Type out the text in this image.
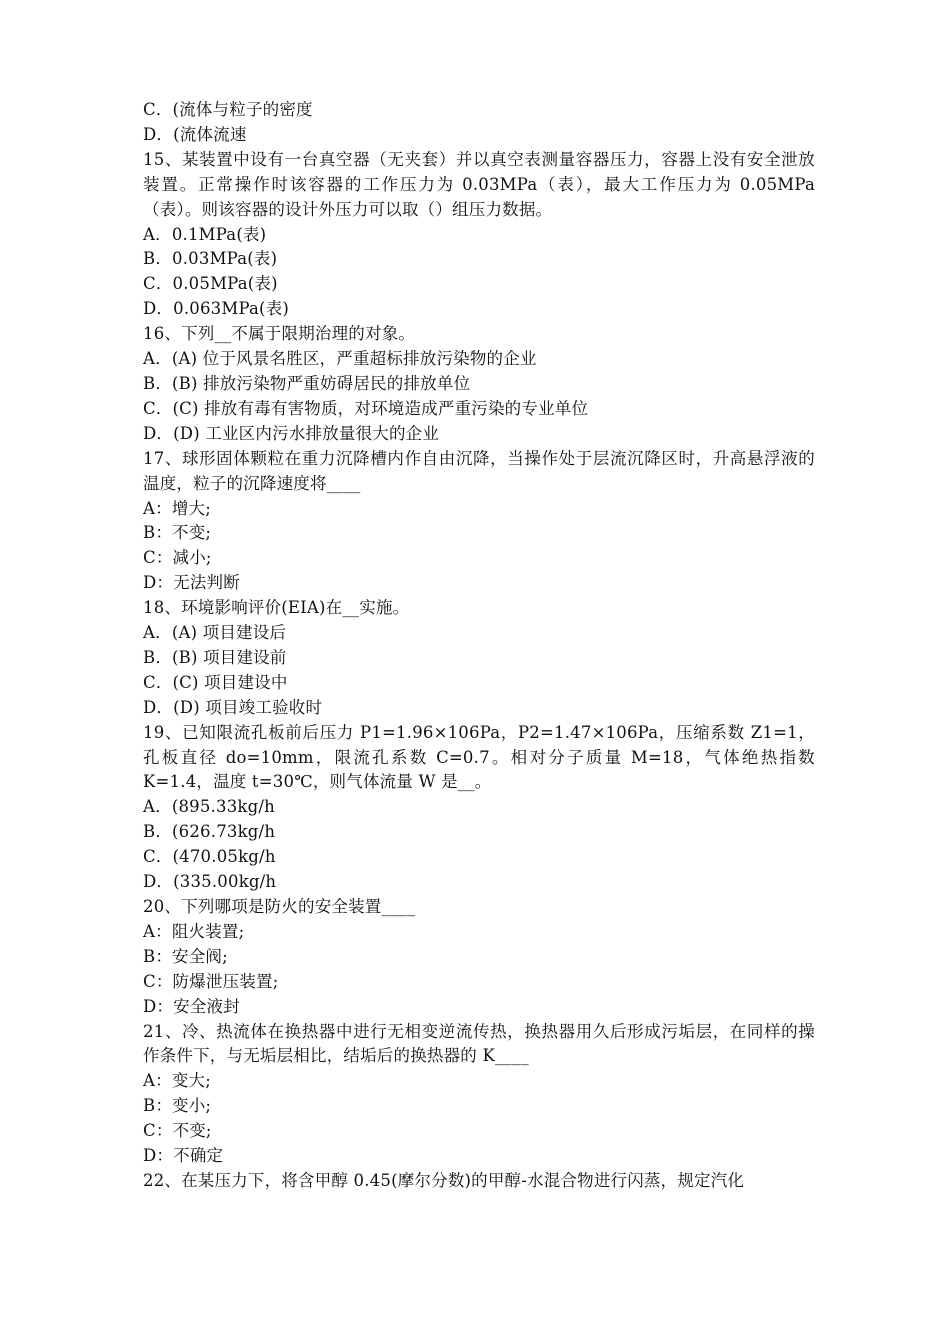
C．(流体与粒子的密度
D．(流体流速
15、某装置中设有一台真空器（无夹套）并以真空表测量容器压力，容器上没有安全泄放装置。正常操作时该容器的工作压力为 0.03MPa（表），最大工作压力为 0.05MPa（表）。则该容器的设计外压力可以取（）组压力数据。
A．0.1MPa(表)
B．0.03MPa(表)
C．0.05MPa(表)
D．0.063MPa(表)
16、下列__不属于限期治理的对象。
A．(A) 位于风景名胜区，严重超标排放污染物的企业
B．(B) 排放污染物严重妨碍居民的排放单位
C．(C) 排放有毒有害物质，对环境造成严重污染的专业单位
D．(D) 工业区内污水排放量很大的企业
17、球形固体颗粒在重力沉降槽内作自由沉降，当操作处于层流沉降区时，升高悬浮液的温度，粒子的沉降速度将____
A：增大;
B：不变;
C：减小;
D：无法判断
18、环境影响评价(EIA)在__实施。
A．(A) 项目建设后
B．(B) 项目建设前
C．(C) 项目建设中
D．(D) 项目竣工验收时
19、已知限流孔板前后压力 P1=1.96×106Pa，P2=1.47×106Pa，压缩系数 Z1=1，孔板直径 do=10mm，限流孔系数 C=0.7。相对分子质量 M=18，气体绝热指数 K=1.4，温度 t=30℃，则气体流量 W 是__。
A．(895.33kg/h
B．(626.73kg/h
C．(470.05kg/h
D．(335.00kg/h
20、下列哪项是防火的安全装置____
A：阻火装置;
B：安全阀;
C：防爆泄压装置;
D：安全液封
21、冷、热流体在换热器中进行无相变逆流传热，换热器用久后形成污垢层，在同样的操作条件下，与无垢层相比，结垢后的换热器的 K____
A：变大;
B：变小;
C：不变;
D：不确定
22、在某压力下，将含甲醇 0.45(摩尔分数)的甲醇-水混合物进行闪蒸，规定汽化
